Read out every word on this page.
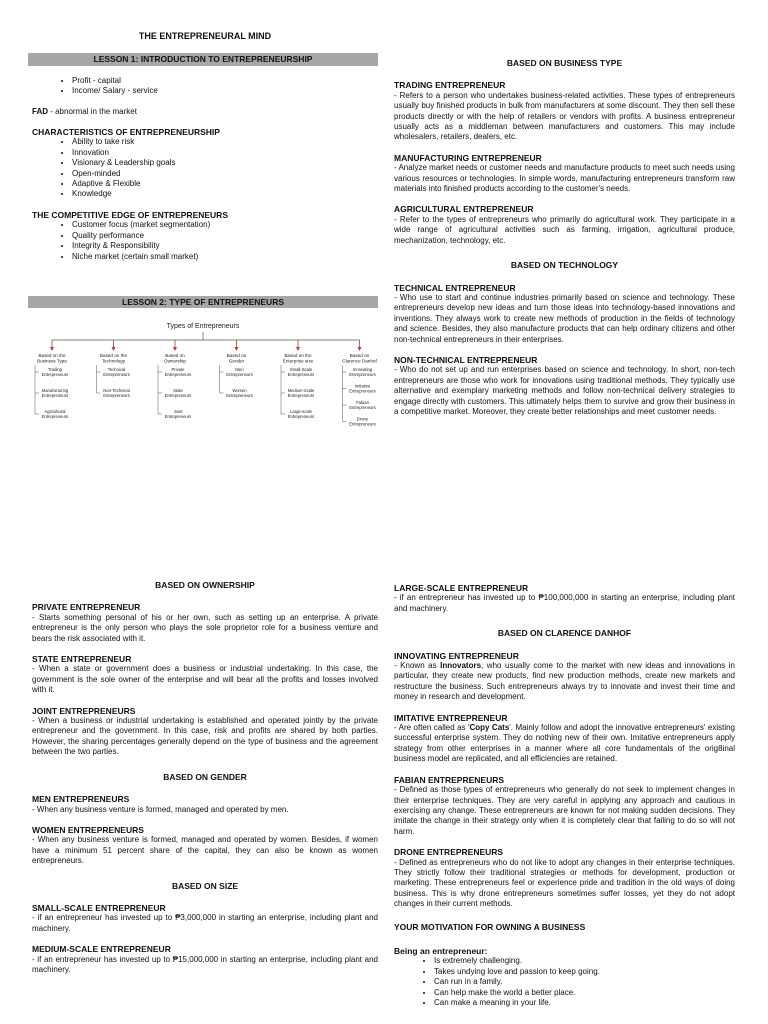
THE ENTREPRENEURAL MIND
LESSON 1: INTRODUCTION TO ENTREPRENEURSHIP
• Profit - capital
• Income/ Salary - service

FAD - abnormal in the market

CHARACTERISTICS OF ENTREPRENEURSHIP
• Ability to take risk
• Innovation
• Visionary & Leadership goals
• Open-minded
• Adaptive & Flexible
• Knowledge
THE COMPETITIVE EDGE OF ENTREPRENEURS
• Customer focus (market segmentation)
• Quality performance
• Integrity & Responsibility
• Niche market (certain small market)
LESSON 2: TYPE OF ENTREPRENEURS
Types of Entrepreneurs
Based on the Business Type
Trading Entrepreneurs
Manufacturing Entrepreneurs
Agricultural Entrepreneurs
Based on the Technology
Technical Entrepreneurs
Non-Technical Entrepreneurs
Based on Ownership
Private Entrepreneurs
State Entrepreneurs
Joint Entrepreneurs
Based on Gender
Men Entrepreneurs
Women Entrepreneurs
Based on the Enterprise size
Small-Scale Entrepreneurs
Medium-Scale Entrepreneurs
Large-scale Entrepreneurs
Based on Clarence Danhof
Innovating Entrepreneurs
Imitative Entrepreneurs
Fabian Entrepreneurs
Drone Entrepreneurs
BASED ON BUSINESS TYPE
TRADING ENTREPRENEUR

- Refers to a person who undertakes business-related activities. These types of entrepreneurs usually buy finished products in bulk from manufacturers at some discount. They then sell these products directly or with the help of retailers or vendors with profits. A business entrepreneur usually acts as a middleman between manufacturers and customers. This may include wholesalers, retailers, dealers, etc.

MANUFACTURING ENTREPRENEUR

- Analyze market needs or customer needs and manufacture products to meet such needs using various resources or technologies. In simple words, manufacturing entrepreneurs transform raw materials into finished products according to the customer's needs.

AGRICULTURAL ENTREPRENEUR

- Refer to the types of entrepreneurs who primarily do agricultural work. They participate in a wide range of agricultural activities such as farming, irrigation, agricultural produce, mechanization, technology, etc.

BASED ON TECHNOLOGY
TECHNICAL ENTREPRENEUR

- Who use to start and continue industries primarily based on science and technology. These entrepreneurs develop new ideas and turn those ideas into technology-based innovations and inventions. They always work to create new methods of production in the fields of technology and science. Besides, they also manufacture products that can help ordinary citizens and other non-technical entrepreneurs in their enterprises.

NON-TECHNICAL ENTREPRENEUR

- Who do not set up and run enterprises based on science and technology. In short, non-tech entrepreneurs are those who work for innovations using traditional methods. They typically use alternative and exemplary marketing methods and follow non-technical delivery strategies to engage directly with customers. This ultimately helps them to survive and grow their business in a competitive market. Moreover, they create better relationships and meet customer needs.

BASED ON OWNERSHIP
PRIVATE ENTREPRENEUR

- Starts something personal of his or her own, such as setting up an enterprise. A private entrepreneur is the only person who plays the sole proprietor role for a business venture and bears the risk associated with it.

STATE ENTREPRENEUR

- When a state or government does a business or industrial undertaking. In this case, the government is the sole owner of the enterprise and will bear all the profits and losses involved with it.

JOINT ENTREPRENEURS

- When a business or industrial undertaking is established and operated jointly by the private entrepreneur and the government. In this case, risk and profits are shared by both parties. However, the sharing percentages generally depend on the type of business and the agreement between the two parties.

BASED ON GENDER
MEN ENTREPRENEURS

- When any business venture is formed, managed and operated by men.

WOMEN ENTREPRENEURS

- When any business venture is formed, managed and operated by women. Besides, if women have a minimum 51 percent share of the capital, they can also be known as women entrepreneurs.

BASED ON SIZE
SMALL-SCALE ENTREPRENEUR

- if an entrepreneur has invested up to ₱3,000,000 in starting an enterprise, including plant and machinery.

MEDIUM-SCALE ENTREPRENEUR

- if an entrepreneur has invested up to ₱15,000,000 in starting an enterprise, including plant and machinery.

LARGE-SCALE ENTREPRENEUR

- if an entrepreneur has invested up to ₱100,000,000 in starting an enterprise, including plant and machinery.

BASED ON CLARENCE DANHOF
INNOVATING ENTREPRENEUR

- Known as Innovators, who usually come to the market with new ideas and innovations in particular, they create new products, find new production methods, create new markets and restructure the business. Such entrepreneurs always try to innovate and invest their time and money in research and development.

IMITATIVE ENTREPRENEUR

- Are often called as 'Copy Cats'. Mainly follow and adopt the innovative entrepreneurs' existing successful enterprise system. They do nothing new of their own. Imitative entrepreneurs apply strategy from other enterprises in a manner where all core fundamentals of the orig8inal business model are replicated, and all efficiencies are retained.

FABIAN ENTREPRENEURS

- Defined as those types of entrepreneurs who generally do not seek to implement changes in their enterprise techniques. They are very careful in applying any approach and cautious in exercising any change. These entrepreneurs are known for not making sudden decisions. They imitate the change in their strategy only when it is completely clear that failing to do so will not harm.

DRONE ENTREPRENEURS

- Defined as entrepreneurs who do not like to adopt any changes in their enterprise techniques. They strictly follow their traditional strategies or methods for development, production or marketing. These entrepreneurs feel or experience pride and tradition in the old ways of doing business. This is why drone entrepreneurs sometimes suffer losses, yet they do not adopt changes in their current methods.

YOUR MOTIVATION FOR OWNING A BUSINESS
Being an entrepreneur:
• Is extremely challenging.
• Takes undying love and passion to keep going.
• Can run in a family.
• Can help make the world a better place.
• Can make a meaning in your life.
